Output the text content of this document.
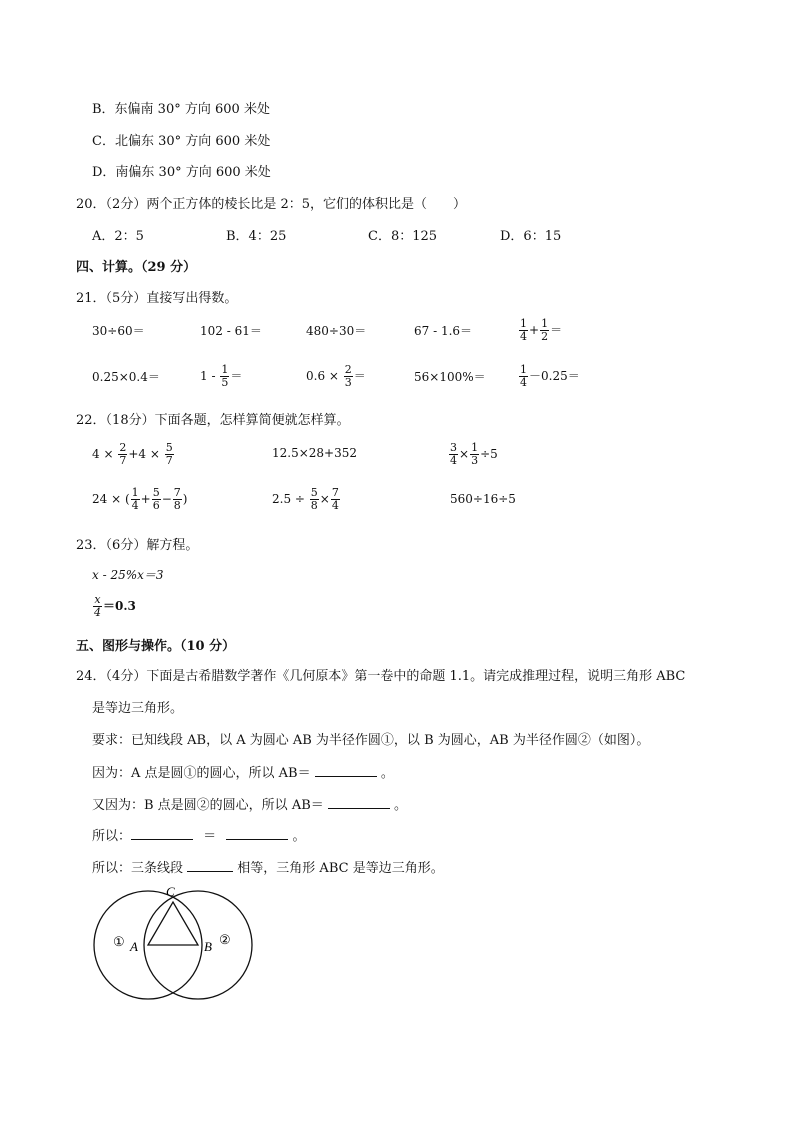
B．东偏南 30° 方向 600 米处
C．北偏东 30° 方向 600 米处
D．南偏东 30° 方向 600 米处
20．（2分）两个正方体的棱长比是 2：5，它们的体积比是（　　）
A．2：5	B．4：25	C．8：125	D．6：15
四、计算。（29 分）
21．（5分）直接写出得数。
30÷60＝	102 - 61＝	480÷30＝	67 - 1.6＝	$\frac{1}{4} + \frac{1}{2}$ ＝
0.25×0.4＝	$1 - \frac{1}{5}$ ＝	$0.6 \times \frac{2}{3}$ ＝	56×100%＝	$\frac{1}{4} -0.25=$
22．（18分）下面各题，怎样算简便就怎样算。
$4 \times \frac{2}{7} +4 \times \frac{5}{7}$	12.5×28+352	$\frac{3}{4} \times \frac{1}{3} \div 5$
24 × ( $\frac{1}{4} + \frac{5}{6} - \frac{7}{8}$ )	$2.5 \div \frac{5}{8} \times \frac{7}{4}$	560÷16÷5
23．（6分）解方程。
x - 25%x＝3
$\frac{x}{4} =0.3$
五、图形与操作。（10 分）
24．（4分）下面是古希腊数学著作《几何原本》第一卷中的命题 1.1。请完成推理过程，说明三角形 ABC
是等边三角形。
要求：已知线段 AB，以 A 为圆心 AB 为半径作圆①，以 B 为圆心，AB 为半径作圆②（如图）。
因为：A 点是圆①的圆心，所以 AB＝	。
又因为：B 点是圆②的圆心，所以 AB＝	。
所以：	＝	。
所以：三条线段	相等，三角形 ABC 是等边三角形。
C
A	B
①	②
